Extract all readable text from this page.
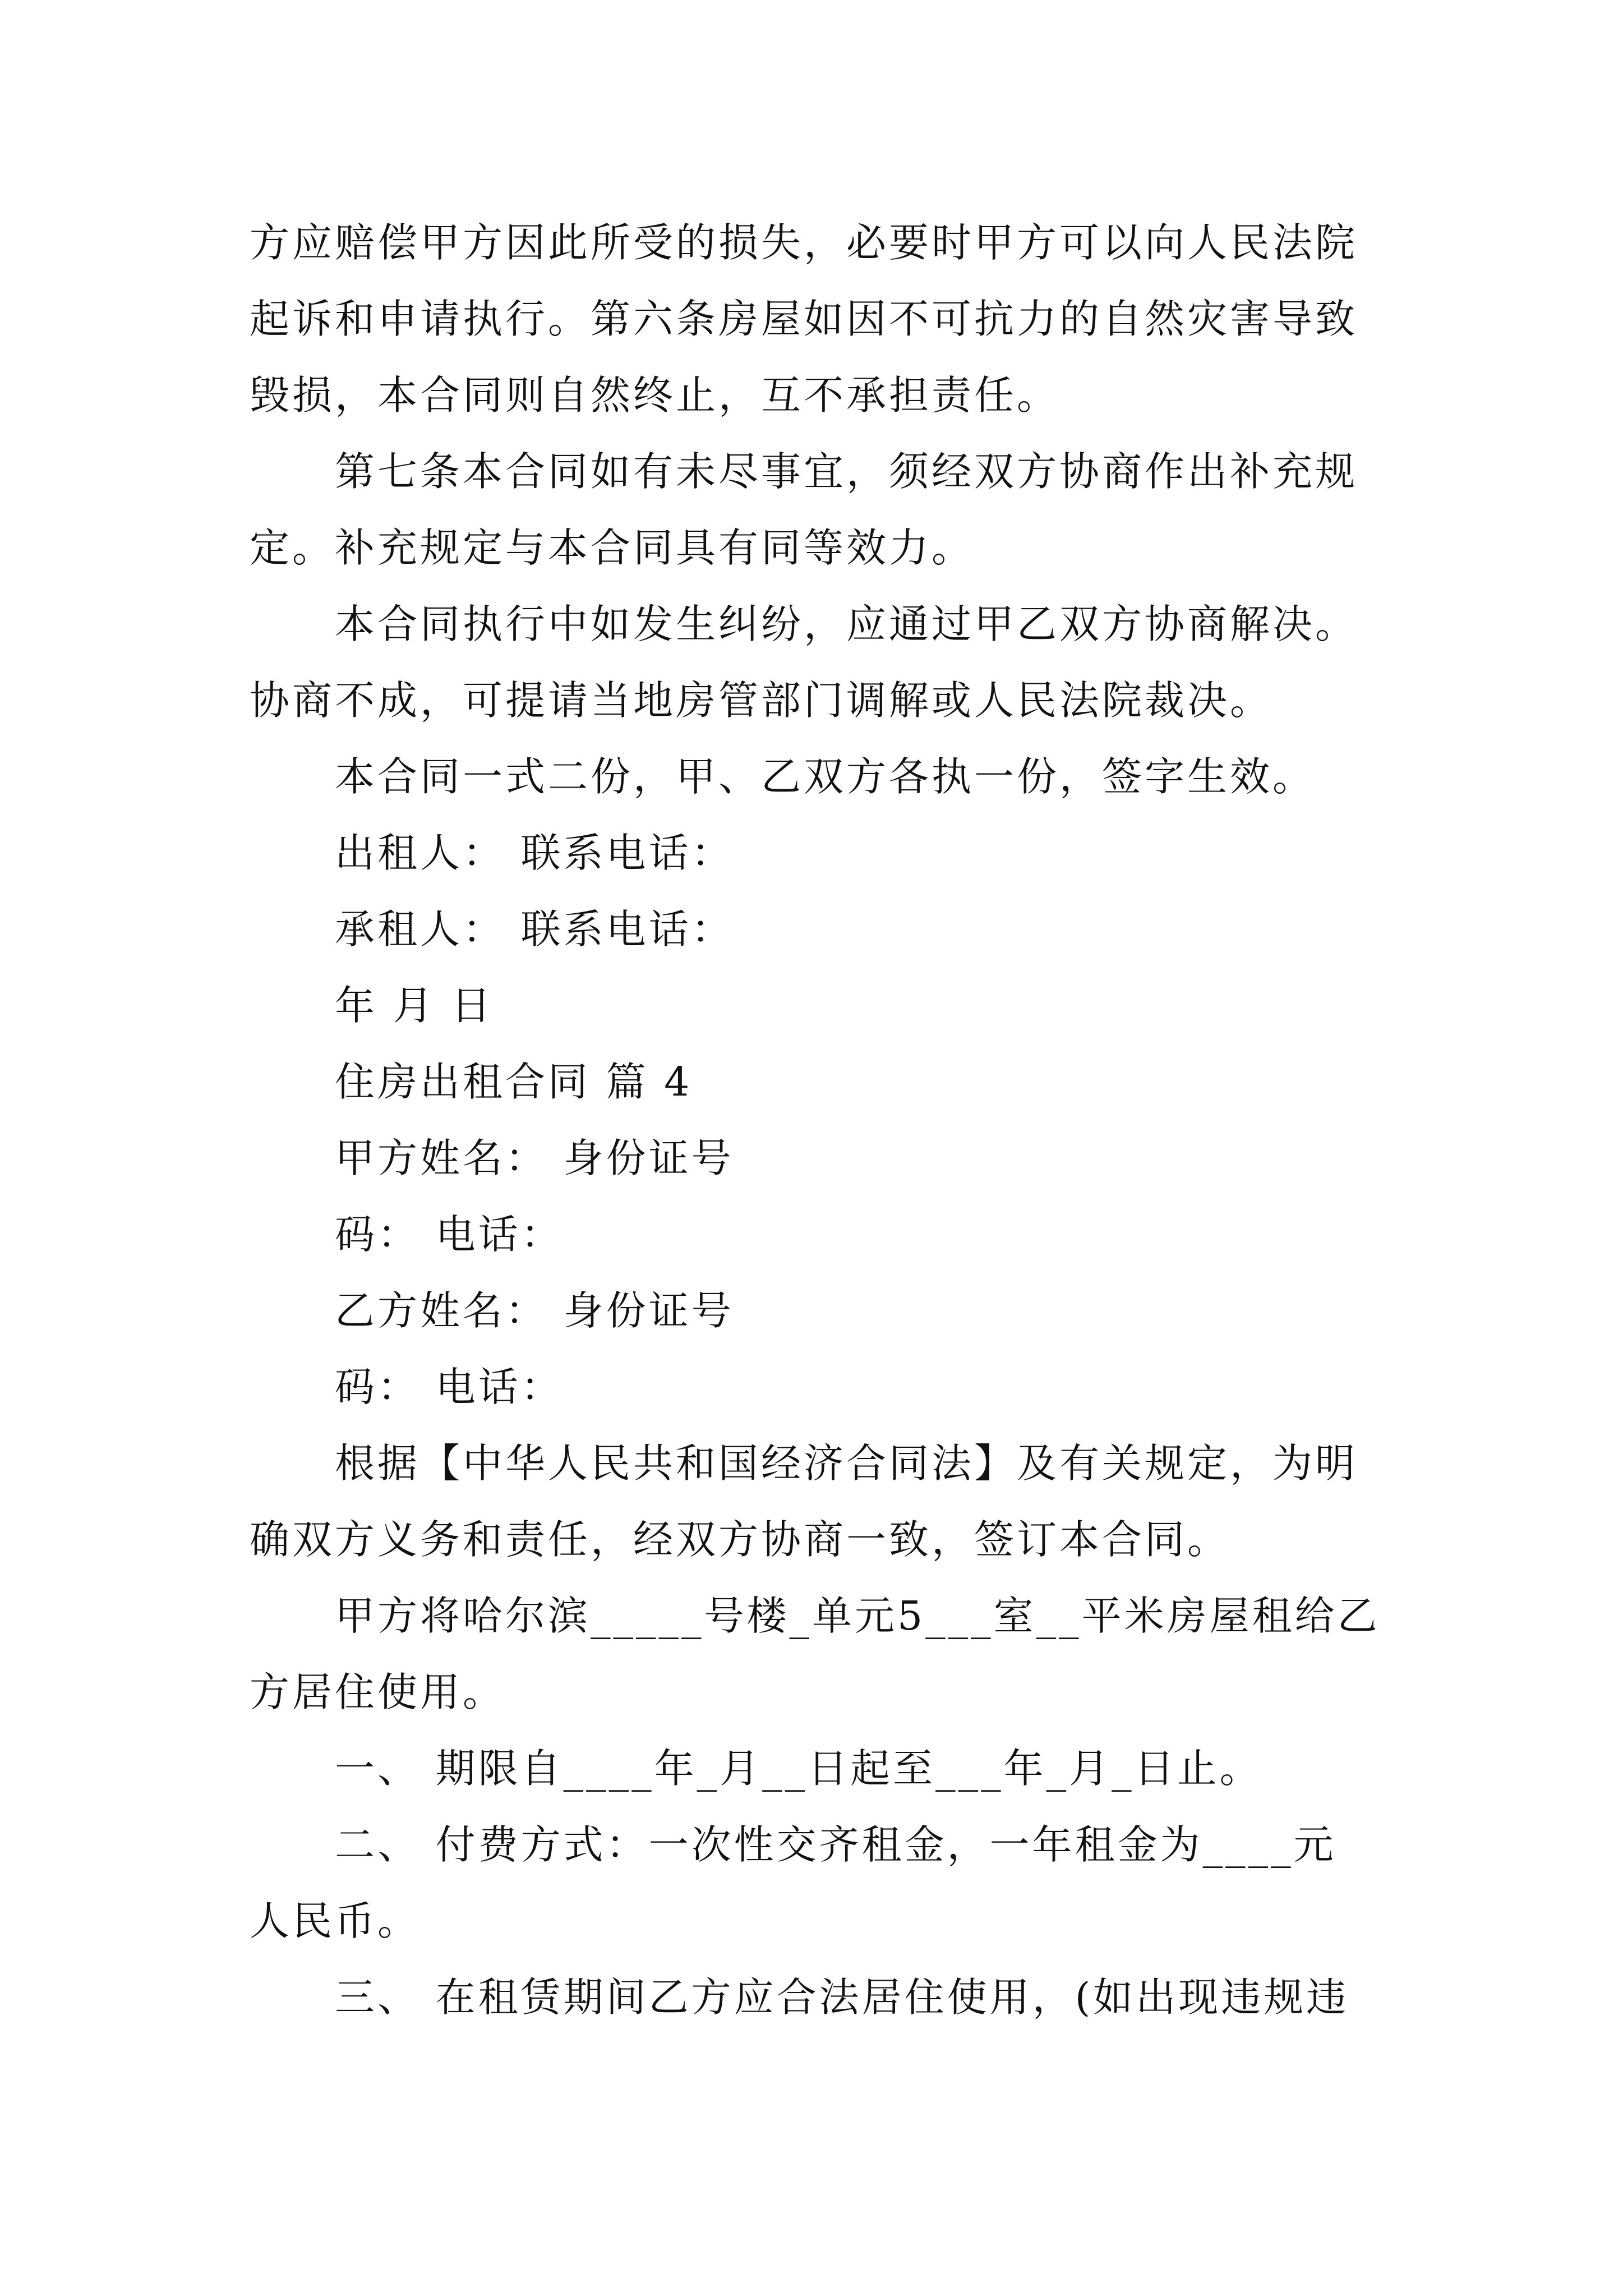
方应赔偿甲方因此所受的损失，必要时甲方可以向人民法院
起诉和申请执行。第六条房屋如因不可抗力的自然灾害导致
毁损，本合同则自然终止，互不承担责任。
第七条本合同如有未尽事宜，须经双方协商作出补充规
定。补充规定与本合同具有同等效力。
本合同执行中如发生纠纷，应通过甲乙双方协商解决。
协商不成，可提请当地房管部门调解或人民法院裁决。
本合同一式二份，甲、乙双方各执一份，签字生效。
出租人： 联系电话：
承租人： 联系电话：
年 月 日
住房出租合同 篇 4
甲方姓名： 身份证号
码： 电话：
乙方姓名： 身份证号
码： 电话：
根据【中华人民共和国经济合同法】及有关规定，为明
确双方义务和责任，经双方协商一致，签订本合同。
甲方将哈尔滨_____号楼_单元5___室__平米房屋租给乙
方居住使用。
一、 期限自____年_月__日起至___年_月_日止。
二、 付费方式：一次性交齐租金，一年租金为____元
人民币。
三、 在租赁期间乙方应合法居住使用，(如出现违规违
